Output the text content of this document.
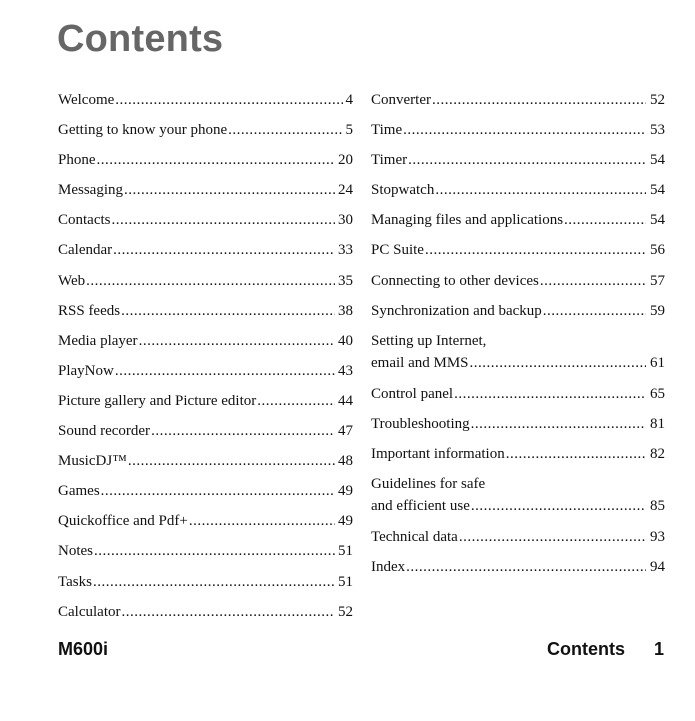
Contents
Welcome .....	4
Getting to know your phone .....	5
Phone .....	20
Messaging .....	24
Contacts .....	30
Calendar .....	33
Web .....	35
RSS feeds .....	38
Media player .....	40
PlayNow .....	43
Picture gallery and Picture editor .....	44
Sound recorder .....	47
MusicDJ™ .....	48
Games .....	49
Quickoffice and Pdf+ .....	49
Notes .....	51
Tasks .....	51
Calculator .....	52
Converter .....	52
Time .....	53
Timer .....	54
Stopwatch .....	54
Managing files and applications .....	54
PC Suite .....	56
Connecting to other devices .....	57
Synchronization and backup .....	59
Setting up Internet,
email and MMS .....	61
Control panel .....	65
Troubleshooting .....	81
Important information .....	82
Guidelines for safe
and efficient use .....	85
Technical data .....	93
Index .....	94
M600i	Contents 1
